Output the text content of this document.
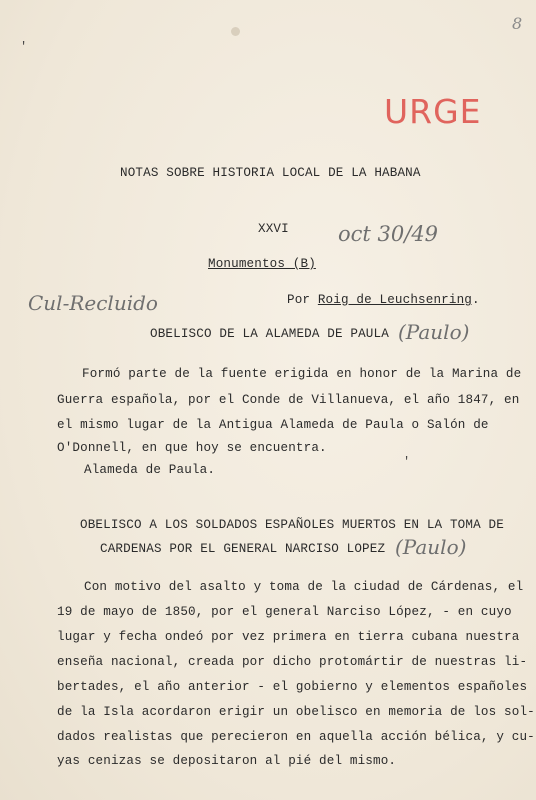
'
8
URGE
oct 30/49
Cul-Recluido
NOTAS SOBRE HISTORIA LOCAL DE LA HABANA
XXVI
Monumentos (B)
Por Roig de Leuchsenring.
OBELISCO DE LA ALAMEDA DE PAULA (Paulo)
Formó parte de la fuente erigida en honor de la Marina de
Guerra española, por el Conde de Villanueva, el año 1847, en
el mismo lugar de la Antigua Alameda de Paula o Salón de
O'Donnell, en que hoy se encuentra.
Alameda de Paula.
OBELISCO A LOS SOLDADOS ESPAÑOLES MUERTOS EN LA TOMA DE
CARDENAS POR EL GENERAL NARCISO LOPEZ (Paulo)
Con motivo del asalto y toma de la ciudad de Cárdenas, el
19 de mayo de 1850, por el general Narciso López, - en cuyo
lugar y fecha ondeó por vez primera en tierra cubana nuestra
enseña nacional, creada por dicho protomártir de nuestras li-
bertades, el año anterior - el gobierno y elementos españoles
de la Isla acordaron erigir un obelisco en memoria de los sol-
dados realistas que perecieron en aquella acción bélica, y cu-
yas cenizas se depositaron al pié del mismo.
'
